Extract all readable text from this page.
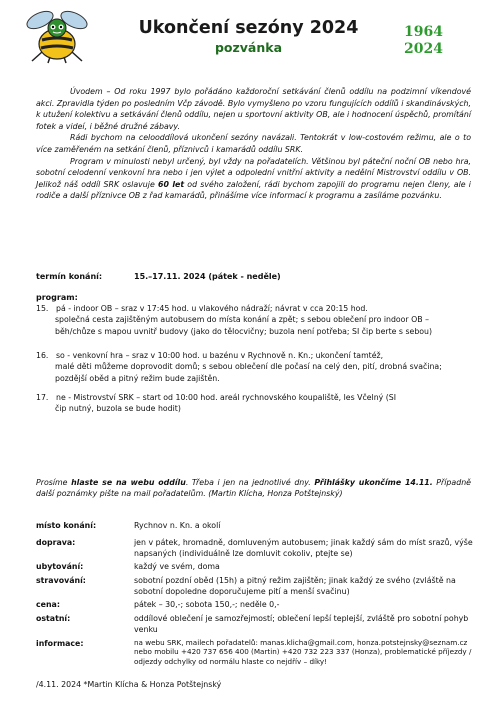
Ukončení sezóny 2024
pozvánka
1964
2024

Úvodem – Od roku 1997 bylo pořádáno každoroční setkávání členů oddílu na podzimní víkendové akci. Zpravidla týden po posledním Včp závodě. Bylo vymyšleno po vzoru fungujících oddílů i skandinávských, k utužení kolektivu a setkávání členů oddílu, nejen u sportovní aktivity OB, ale i hodnocení úspěchů, promítání fotek a videí, i běžné družné zábavy.

Rádi bychom na celooddílová ukončení sezóny navázali. Tentokrát v low-costovém režimu, ale o to více zaměřeném na setkání členů, příznivců i kamarádů oddílu SRK.

Program v minulosti nebyl určený, byl vždy na pořadatelích. Většinou byl páteční noční OB nebo hra, sobotní celodenní venkovní hra nebo i jen výlet a odpolední vnitřní aktivity a nedělní Mistrovství oddílu v OB. Jelikož náš oddíl SRK oslavuje 60 let od svého založení, rádi bychom zapojili do programu nejen členy, ale i rodiče a další příznivce OB z řad kamarádů, přinášíme více informací k programu a zasíláme pozvánku.

termín konání:	15.–17.11. 2024 (pátek - neděle)
program:
15. pá - indoor OB – sraz v 17:45 hod. u vlakového nádraží; návrat v cca 20:15 hod.
společná cesta zajištěným autobusem do místa konání a zpět; s sebou oblečení pro indoor OB – běh/chůze s mapou uvnitř budovy (jako do tělocvičny; buzola není potřeba; SI čip berte s sebou)
16. so - venkovní hra – sraz v 10:00 hod. u bazénu v Rychnově n. Kn.; ukončení tamtéž,
malé děti můžeme doprovodit domů; s sebou oblečení dle počasí na celý den, pití, drobná svačina; pozdější oběd a pitný režim bude zajištěn.
17. ne - Mistrovství SRK – start od 10:00 hod. areál rychnovského koupaliště, les Včelný (SI
čip nutný, buzola se bude hodit)
Prosíme hlaste se na webu oddílu. Třeba i jen na jednotlivé dny. Přihlášky ukončíme 14.11. Případně další poznámky pište na mail pořadatelům. (Martin Klícha, Honza Potštejnský)
místo konání:	Rychnov n. Kn. a okolí
doprava:	jen v pátek, hromadně, domluveným autobusem; jinak každý sám do míst srazů, výše napsaných (individuálně lze domluvit cokoliv, ptejte se)
ubytování:	každý ve svém, doma
stravování:	sobotní pozdní oběd (15h) a pitný režim zajištěn; jinak každý ze svého (zvláště na sobotní dopoledne doporučujeme pití a menší svačinu)
cena:	pátek – 30,-; sobota 150,-; neděle 0,-
ostatní:	oddílové oblečení je samozřejmostí; oblečení lepší teplejší, zvláště pro sobotní pohyb venku
/4.11. 2024 *Martin Klícha & Honza Potštejnský
informace:	na webu SRK, mailech pořadatelů: manas.klicha@gmail.com, honza.potstejnsky@seznam.cz nebo mobilu +420 737 656 400 (Martin) +420 732 223 337 (Honza), problematické příjezdy / odjezdy odchylky od normálu hlaste co nejdřív – díky!
